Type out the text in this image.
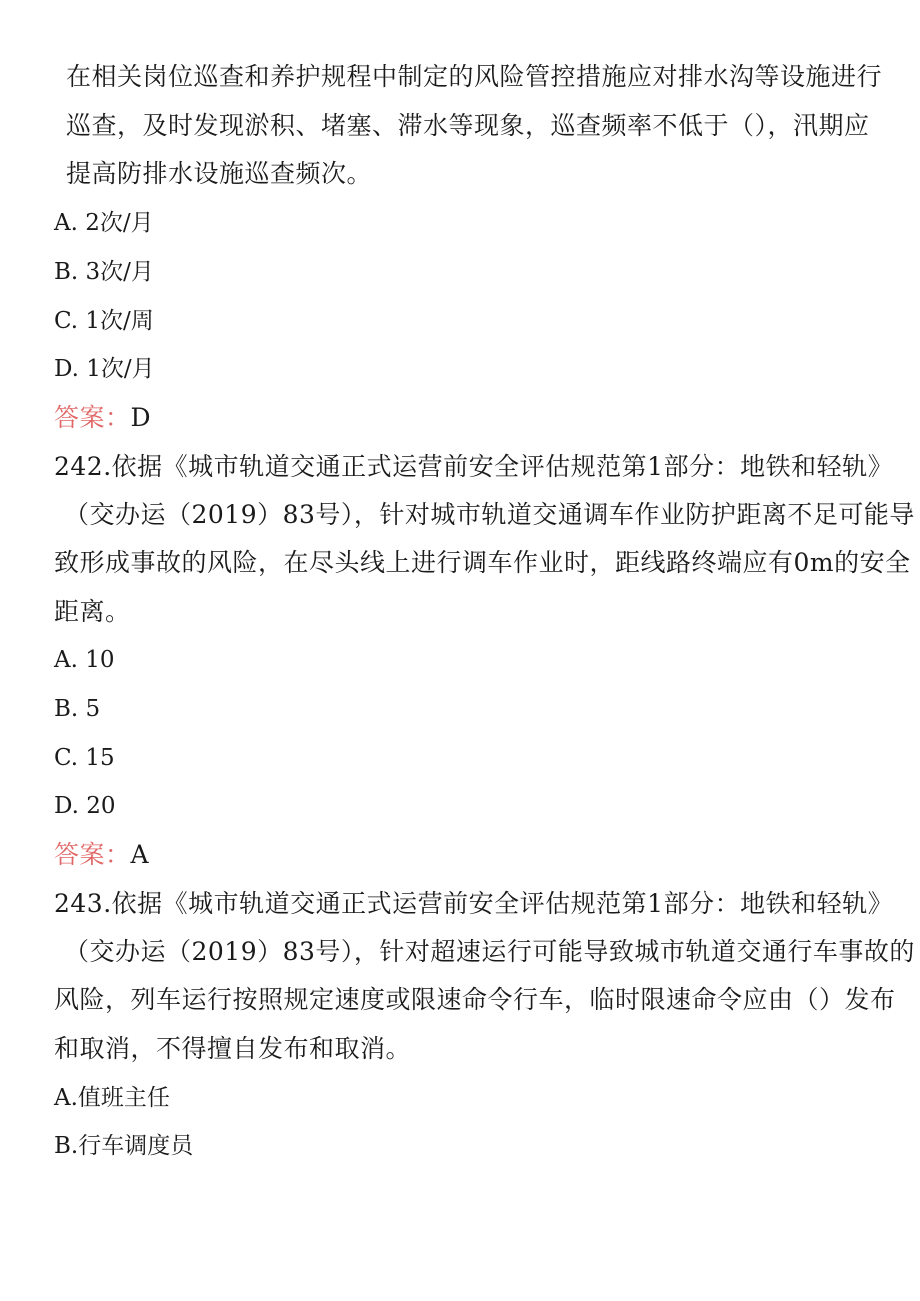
在相关岗位巡查和养护规程中制定的风险管控措施应对排水沟等设施进行
巡查，及时发现淤积、堵塞、滞水等现象，巡查频率不低于（），汛期应
提高防排水设施巡查频次。
A. 2次/月
B. 3次/月
C. 1次/周
D. 1次/月
答案：D
242.依据《城市轨道交通正式运营前安全评估规范第1部分：地铁和轻轨》
（交办运（2019）83号），针对城市轨道交通调车作业防护距离不足可能导
致形成事故的风险，在尽头线上进行调车作业时，距线路终端应有0m的安全
距离。
A. 10
B. 5
C. 15
D. 20
答案：A
243.依据《城市轨道交通正式运营前安全评估规范第1部分：地铁和轻轨》
（交办运（2019）83号），针对超速运行可能导致城市轨道交通行车事故的
风险，列车运行按照规定速度或限速命令行车，临时限速命令应由（）发布
和取消，不得擅自发布和取消。
A.值班主任
B.行车调度员
